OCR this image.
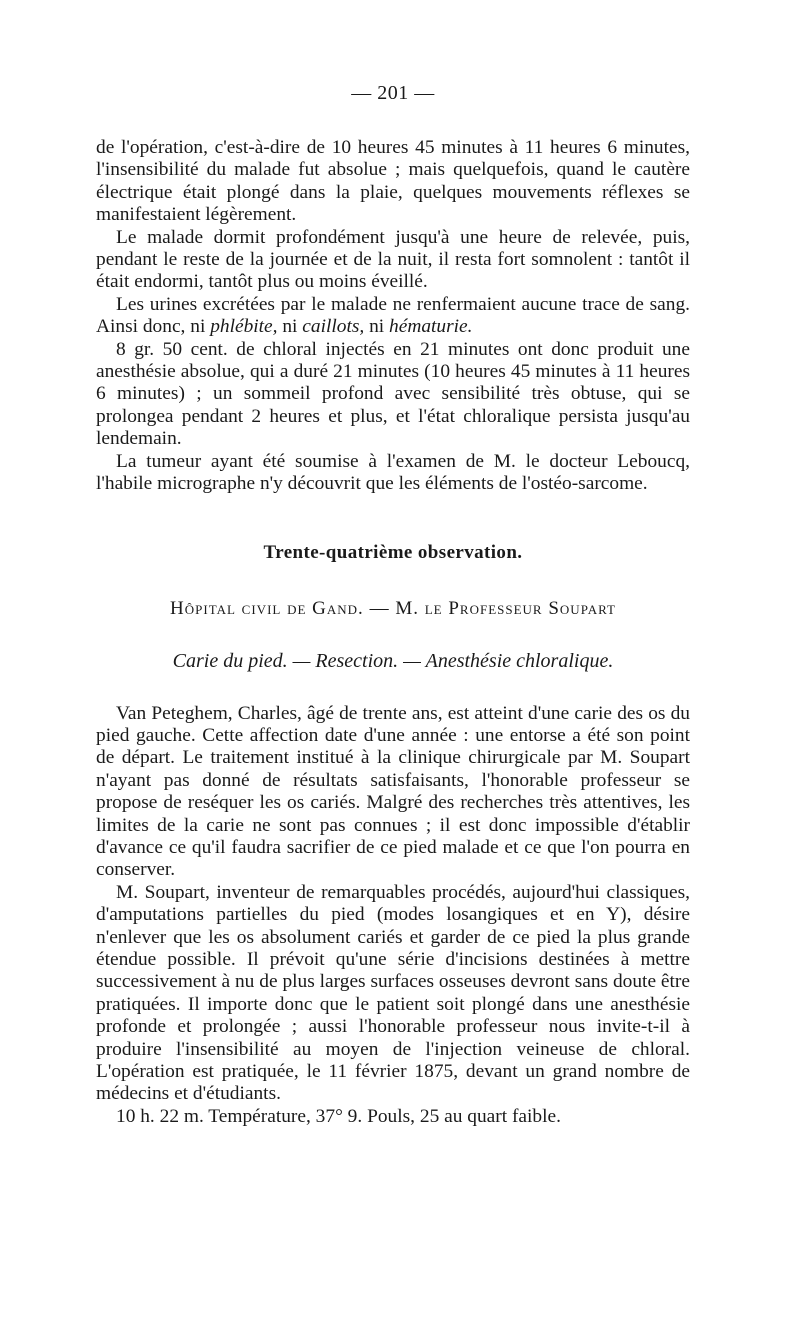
— 201 —

de l'opération, c'est-à-dire de 10 heures 45 minutes à 11 heures 6 minutes, l'insensibilité du malade fut absolue ; mais quelquefois, quand le cautère électrique était plongé dans la plaie, quelques mouvements réflexes se manifestaient légèrement.

Le malade dormit profondément jusqu'à une heure de relevée, puis, pendant le reste de la journée et de la nuit, il resta fort somnolent : tantôt il était endormi, tantôt plus ou moins éveillé.

Les urines excrétées par le malade ne renfermaient aucune trace de sang. Ainsi donc, ni phlébite, ni caillots, ni hématurie.

8 gr. 50 cent. de chloral injectés en 21 minutes ont donc produit une anesthésie absolue, qui a duré 21 minutes (10 heures 45 minutes à 11 heures 6 minutes) ; un sommeil profond avec sensibilité très obtuse, qui se prolongea pendant 2 heures et plus, et l'état chloralique persista jusqu'au lendemain.

La tumeur ayant été soumise à l'examen de M. le docteur Leboucq, l'habile micrographe n'y découvrit que les éléments de l'ostéo-sarcome.

Trente-quatrième observation.
Hôpital civil de Gand. — M. le Professeur Soupart
Carie du pied. — Resection. — Anesthésie chloralique.

Van Peteghem, Charles, âgé de trente ans, est atteint d'une carie des os du pied gauche. Cette affection date d'une année : une entorse a été son point de départ. Le traitement institué à la clinique chirurgicale par M. Soupart n'ayant pas donné de résultats satisfaisants, l'honorable professeur se propose de reséquer les os cariés. Malgré des recherches très attentives, les limites de la carie ne sont pas connues ; il est donc impossible d'établir d'avance ce qu'il faudra sacrifier de ce pied malade et ce que l'on pourra en conserver.

M. Soupart, inventeur de remarquables procédés, aujourd'hui classiques, d'amputations partielles du pied (modes losangiques et en Y), désire n'enlever que les os absolument cariés et garder de ce pied la plus grande étendue possible. Il prévoit qu'une série d'incisions destinées à mettre successivement à nu de plus larges surfaces osseuses devront sans doute être pratiquées. Il importe donc que le patient soit plongé dans une anesthésie profonde et prolongée ; aussi l'honorable professeur nous invite-t-il à produire l'insensibilité au moyen de l'injection veineuse de chloral. L'opération est pratiquée, le 11 février 1875, devant un grand nombre de médecins et d'étudiants.

10 h. 22 m. Température, 37° 9. Pouls, 25 au quart faible.
